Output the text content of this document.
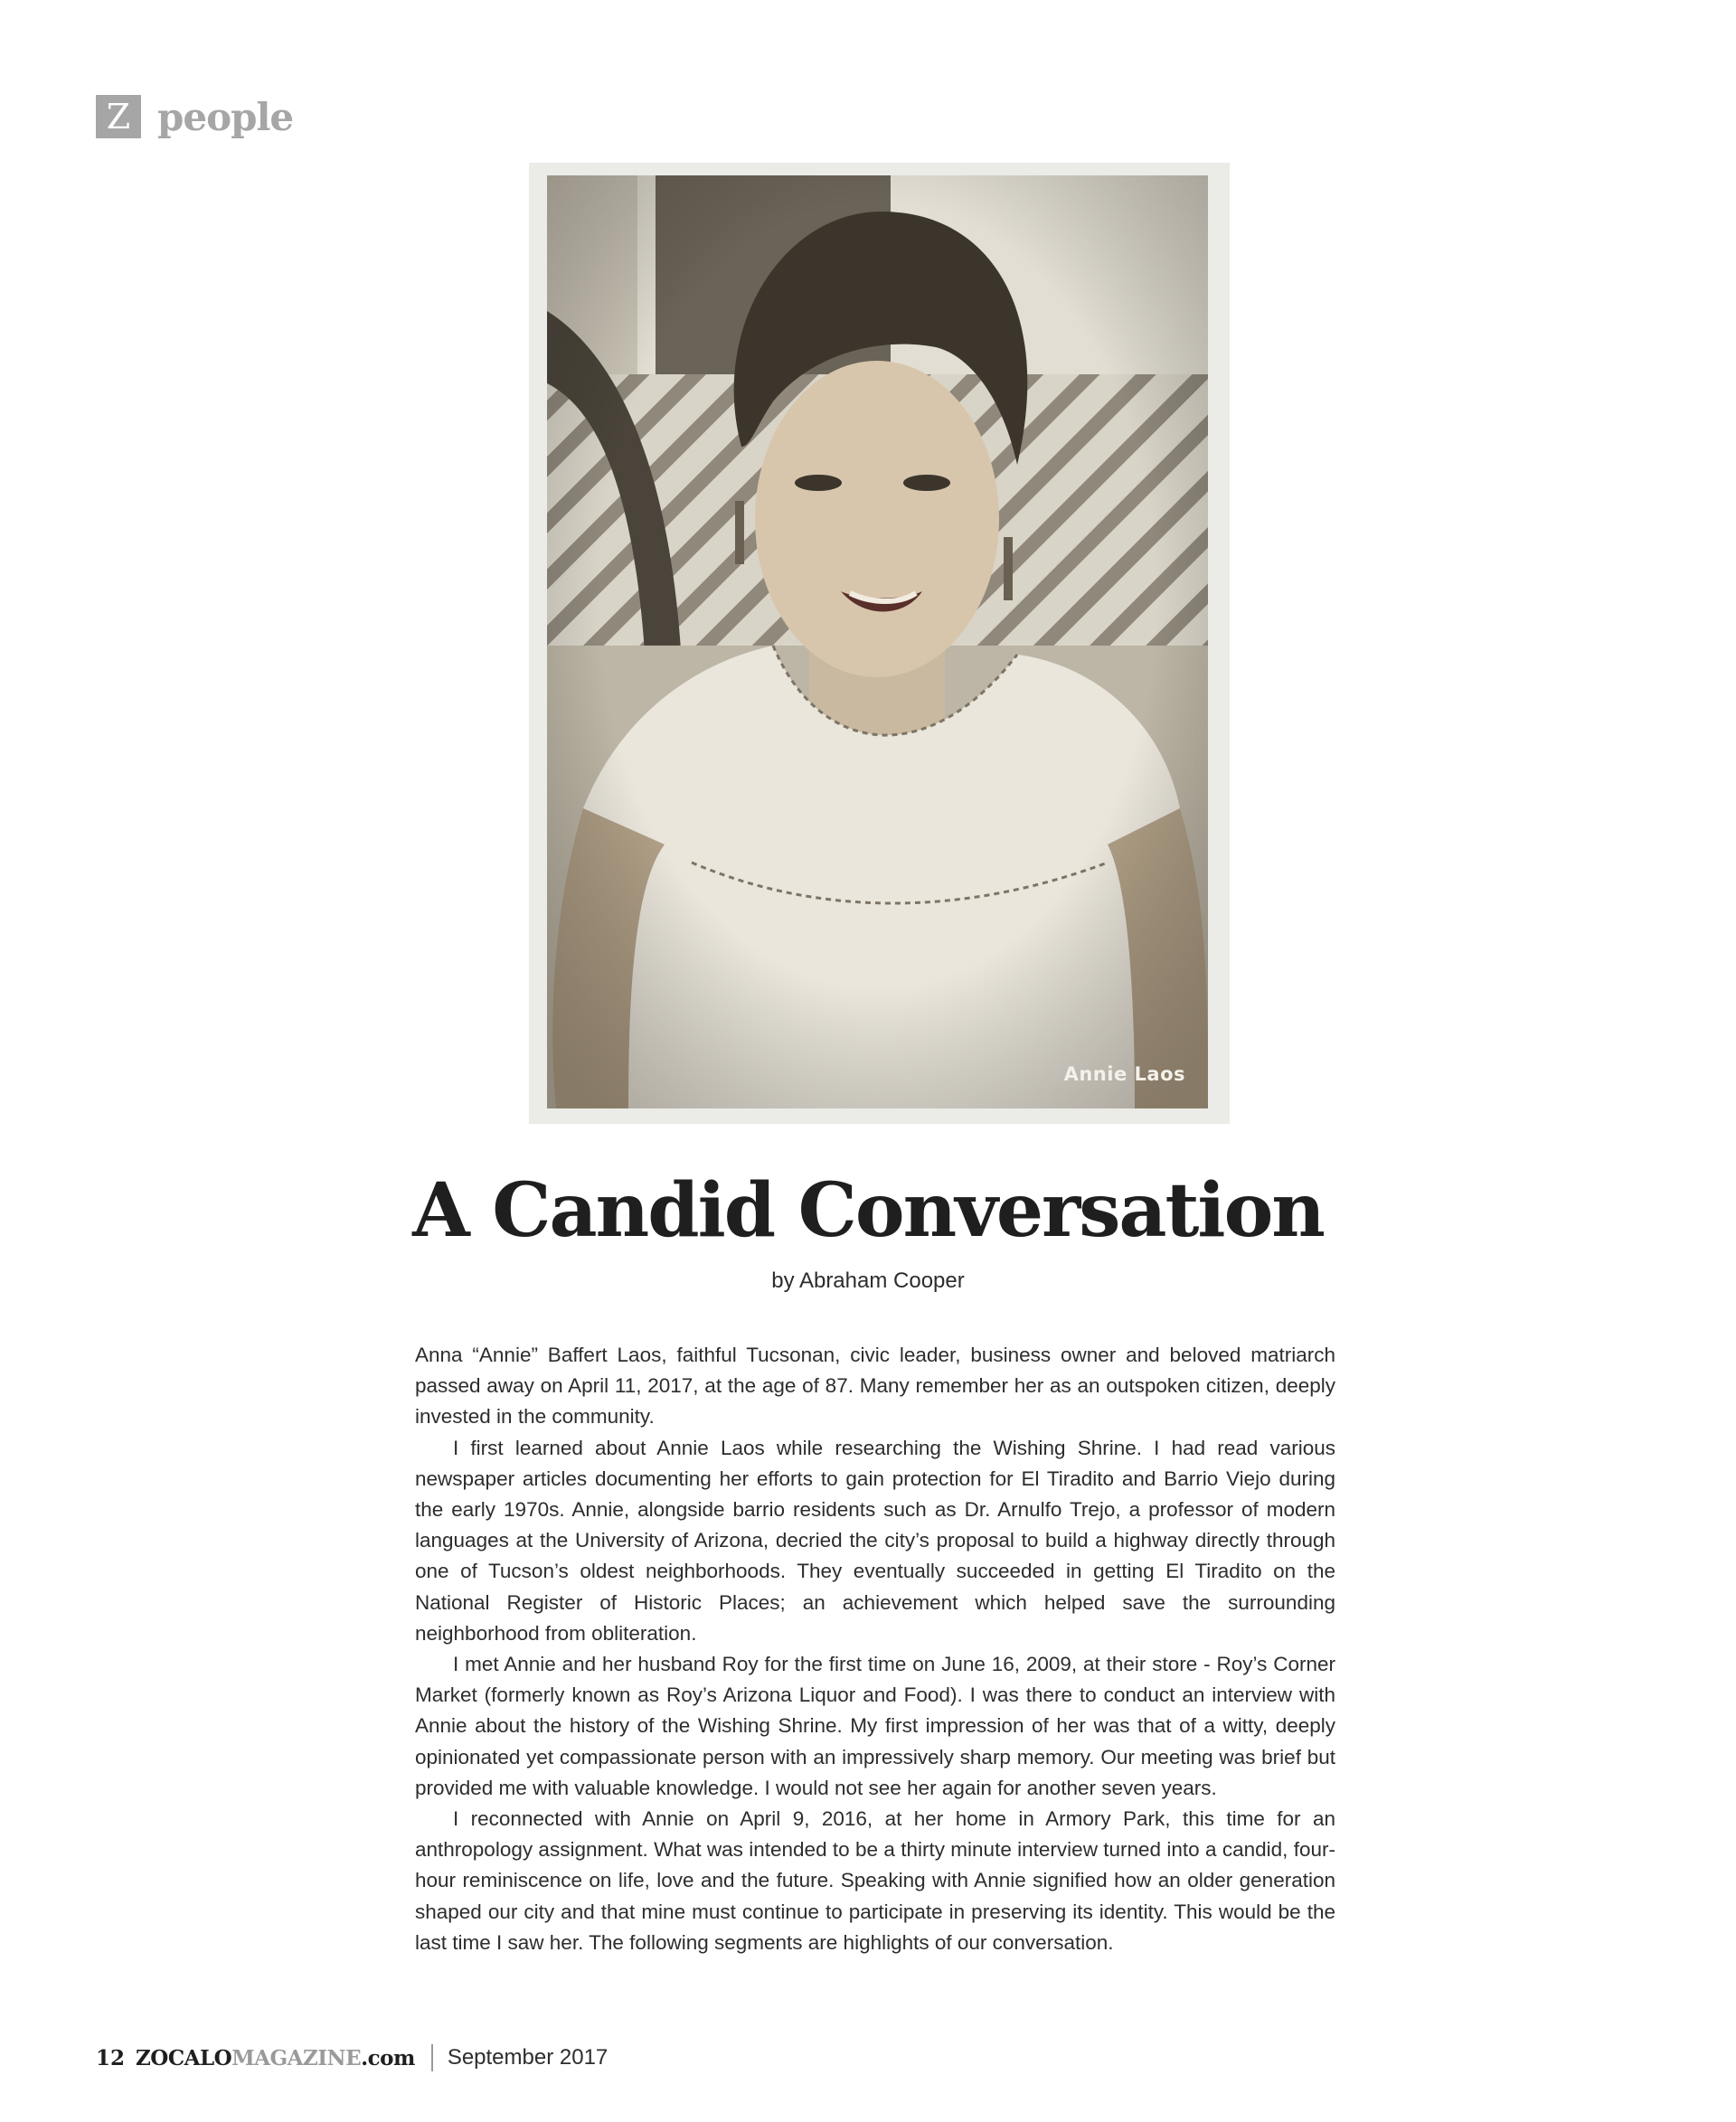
Z people
Annie Laos
A Candid Conversation
by Abraham Cooper

Anna “Annie” Baffert Laos, faithful Tucsonan, civic leader, business owner and beloved matriarch passed away on April 11, 2017, at the age of 87. Many remember her as an outspoken citizen, deeply invested in the community.

I first learned about Annie Laos while researching the Wishing Shrine. I had read various newspaper articles documenting her efforts to gain protection for El Tiradito and Barrio Viejo during the early 1970s. Annie, alongside barrio residents such as Dr. Arnulfo Trejo, a professor of modern languages at the University of Arizona, decried the city’s proposal to build a highway directly through one of Tucson’s oldest neighborhoods. They eventually succeeded in getting El Tiradito on the National Register of Historic Places; an achievement which helped save the surrounding neighborhood from obliteration.

I met Annie and her husband Roy for the first time on June 16, 2009, at their store - Roy’s Corner Market (formerly known as Roy’s Arizona Liquor and Food). I was there to conduct an interview with Annie about the history of the Wishing Shrine. My first impression of her was that of a witty, deeply opinionated yet compassionate person with an impressively sharp memory. Our meeting was brief but provided me with valuable knowledge. I would not see her again for another seven years.

I reconnected with Annie on April 9, 2016, at her home in Armory Park, this time for an anthropology assignment. What was intended to be a thirty minute interview turned into a candid, four-hour reminiscence on life, love and the future. Speaking with Annie signified how an older generation shaped our city and that mine must continue to participate in preserving its identity. This would be the last time I saw her. The following segments are highlights of our conversation.

12 ZOCALOMAGAZINE.com September 2017
